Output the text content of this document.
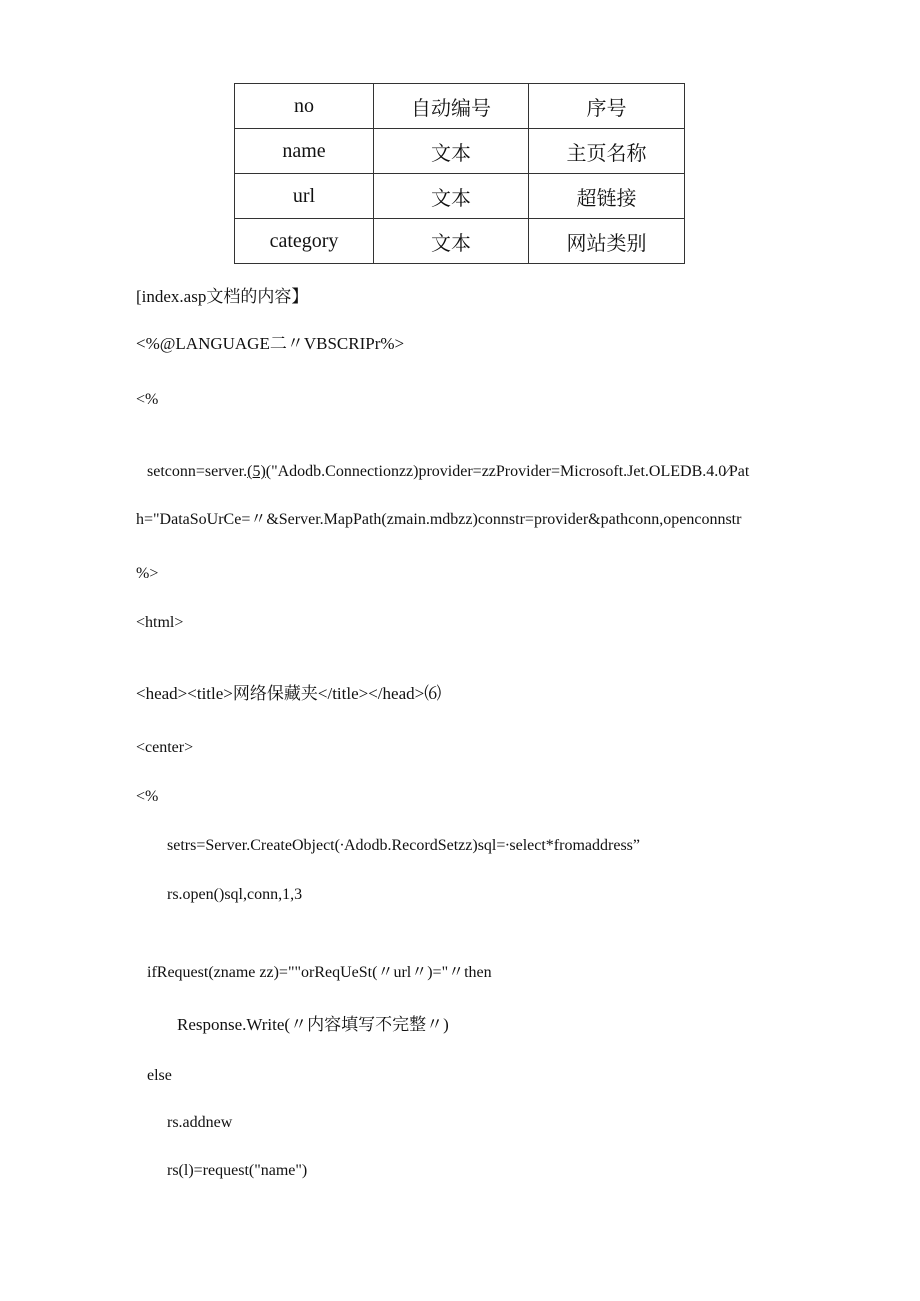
no	自动编号	序号
name	文本	主页名称
url	文本	超链接
category	文本	网站类别
[index.asp文档的内容】
<%@LANGUAGE二〃VBSCRIPr%>
<%
setconn=server.(5)("Adodb.Connectionzz)provider=zzProvider=Microsoft.Jet.OLEDB.4.0∕Pat
h="DataSoUrCe=〃&Server.MapPath(zmain.mdbzz)connstr=provider&pathconn,openconnstr
%>
<html>
<head><title>网络保藏夹</title></head>⑹
<center>
<%
setrs=Server.CreateObject(∙Adodb.RecordSetzz)sql=∙select*fromaddress”
rs.open()sql,conn,1,3
ifRequest(zname zz)=""orReqUeSt(〃url〃)="〃then
Response.Write(〃内容填写不完整〃)
else
rs.addnew
rs(l)=request("name")
